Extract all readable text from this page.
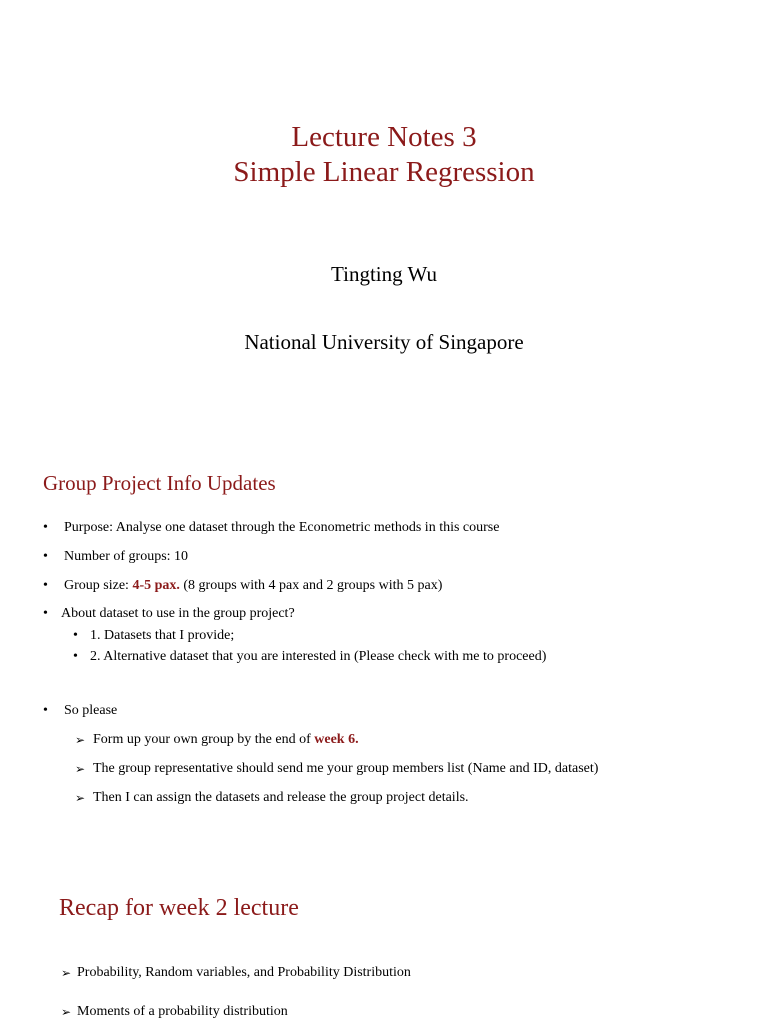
Lecture Notes 3
Simple Linear Regression
Tingting Wu
National University of Singapore
Group Project Info Updates
• Purpose: Analyse one dataset through the Econometric methods in this course
• Number of groups: 10
• Group size: 4-5 pax. (8 groups with 4 pax and 2 groups with 5 pax)
• About dataset to use in the group project?
• 1. Datasets that I provide;
• 2. Alternative dataset that you are interested in (Please check with me to proceed)
• So please
➢ Form up your own group by the end of week 6.
➢ The group representative should send me your group members list (Name and ID, dataset)
➢ Then I can assign the datasets and release the group project details.
Recap for week 2 lecture
➢ Probability, Random variables, and Probability Distribution
➢ Moments of a probability distribution
